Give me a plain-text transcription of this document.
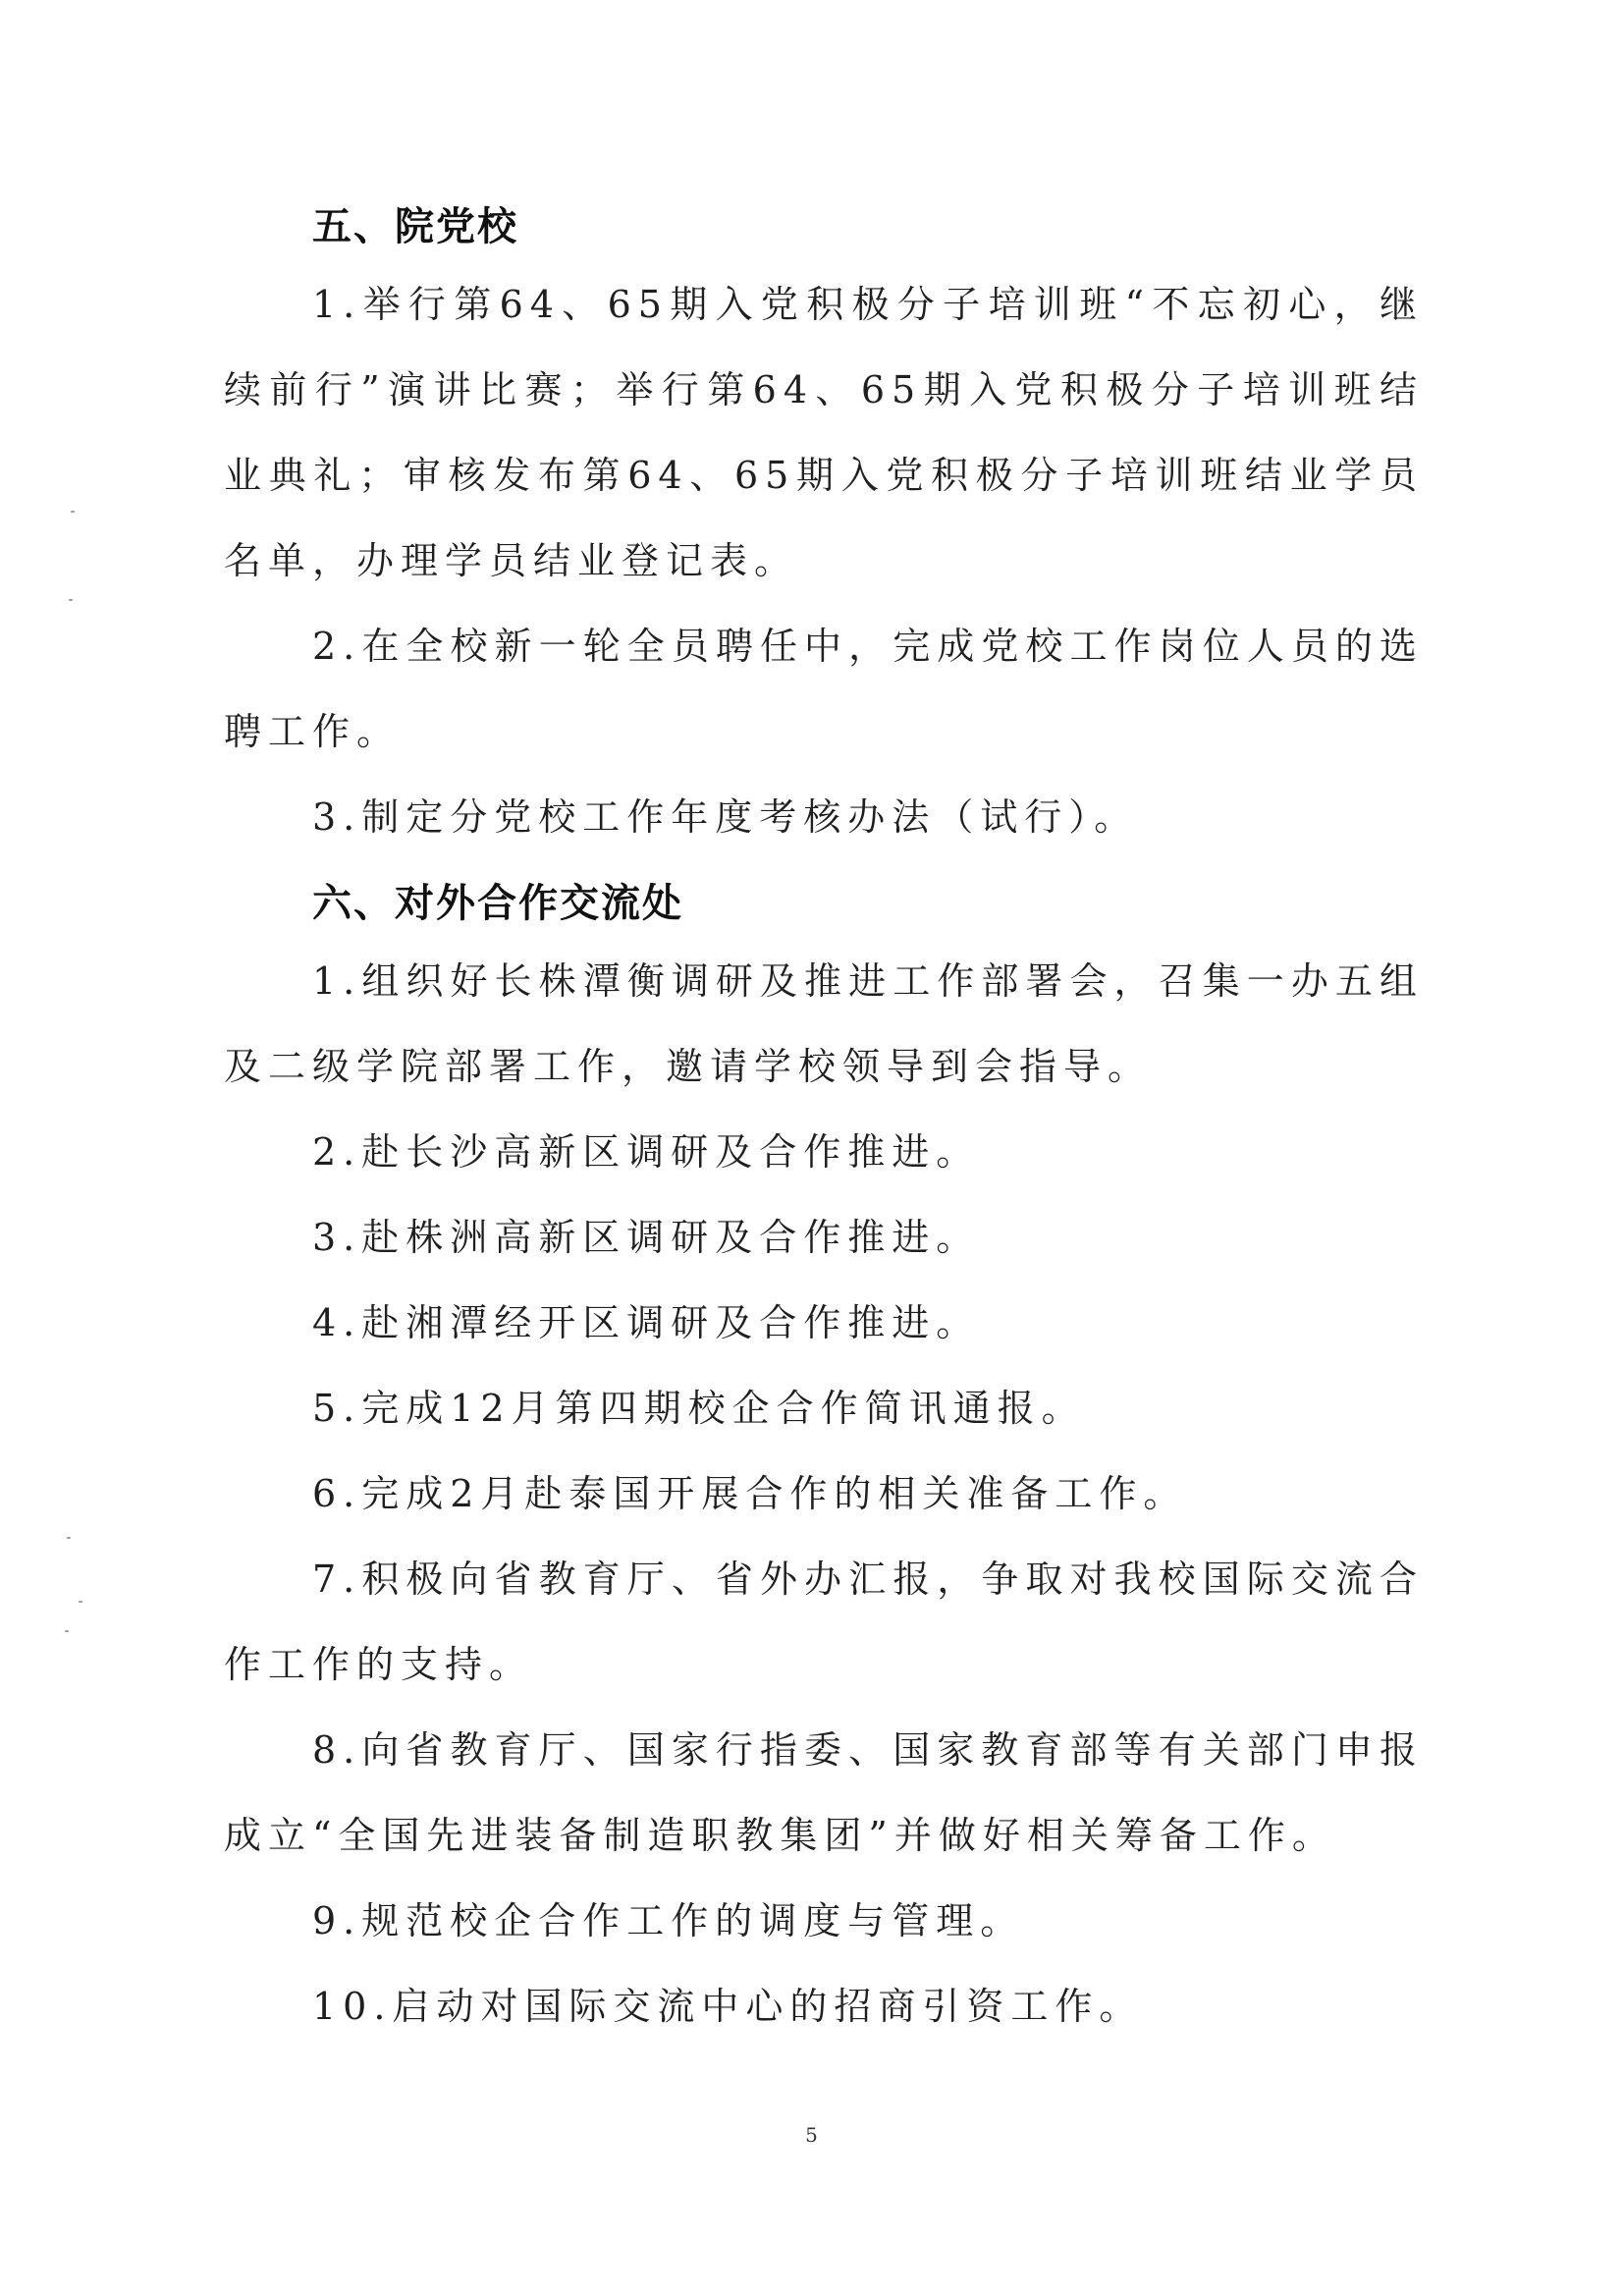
五、院党校

1.举行第64、65期入党积极分子培训班“不忘初心，继续前行”演讲比赛；举行第64、65期入党积极分子培训班结业典礼；审核发布第64、65期入党积极分子培训班结业学员名单，办理学员结业登记表。

2.在全校新一轮全员聘任中，完成党校工作岗位人员的选聘工作。

3.制定分党校工作年度考核办法（试行）。

六、对外合作交流处

1.组织好长株潭衡调研及推进工作部署会，召集一办五组及二级学院部署工作，邀请学校领导到会指导。

2.赴长沙高新区调研及合作推进。

3.赴株洲高新区调研及合作推进。

4.赴湘潭经开区调研及合作推进。

5.完成12月第四期校企合作简讯通报。

6.完成2月赴泰国开展合作的相关准备工作。

7.积极向省教育厅、省外办汇报，争取对我校国际交流合作工作的支持。

8.向省教育厅、国家行指委、国家教育部等有关部门申报成立“全国先进装备制造职教集团”并做好相关筹备工作。

9.规范校企合作工作的调度与管理。

10.启动对国际交流中心的招商引资工作。

5
